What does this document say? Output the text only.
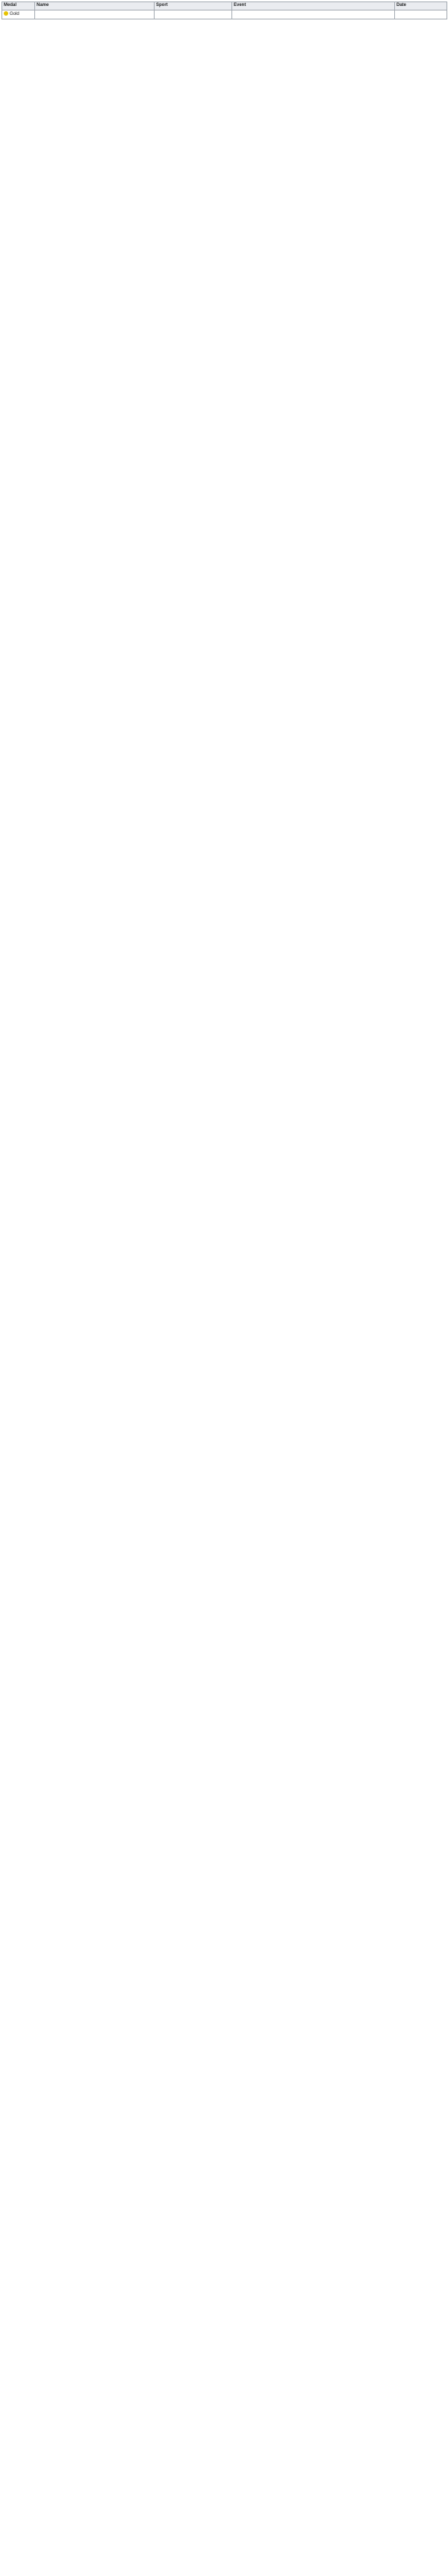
Medal	Name	Sport	Event	Date
Gold				
